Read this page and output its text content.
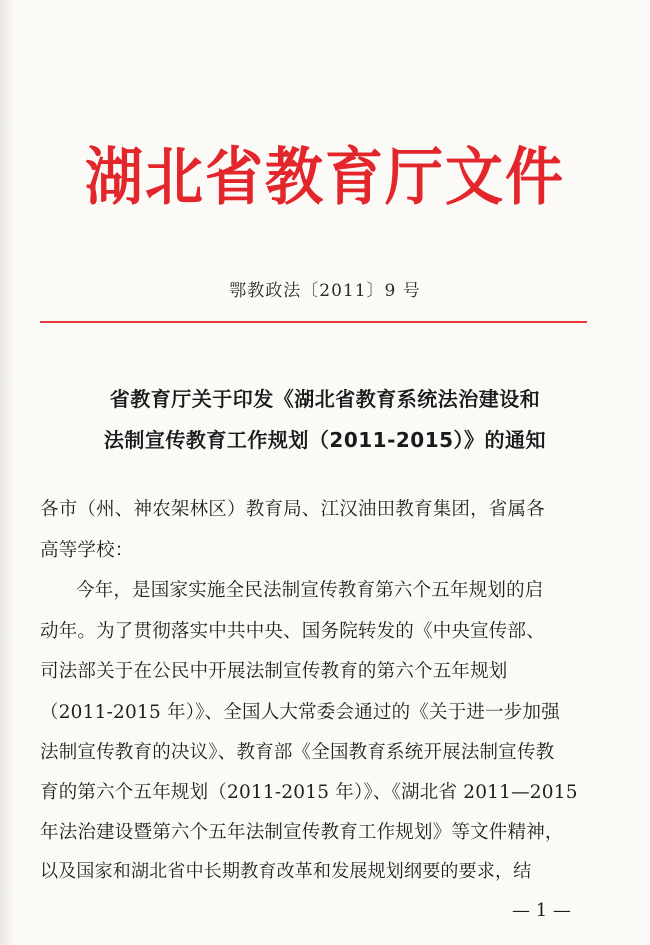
湖北省教育厅文件
鄂教政法〔2011〕9 号
省教育厅关于印发《湖北省教育系统法治建设和
法制宣传教育工作规划（2011-2015）》的通知
各市（州、神农架林区）教育局、江汉油田教育集团，省属各
高等学校：
今年，是国家实施全民法制宣传教育第六个五年规划的启
动年。为了贯彻落实中共中央、国务院转发的《中央宣传部、
司法部关于在公民中开展法制宣传教育的第六个五年规划
（2011-2015 年）》、全国人大常委会通过的《关于进一步加强
法制宣传教育的决议》、教育部《全国教育系统开展法制宣传教
育的第六个五年规划（2011-2015 年）》、《湖北省 2011—2015
年法治建设暨第六个五年法制宣传教育工作规划》等文件精神，
以及国家和湖北省中长期教育改革和发展规划纲要的要求，结
— 1 —
